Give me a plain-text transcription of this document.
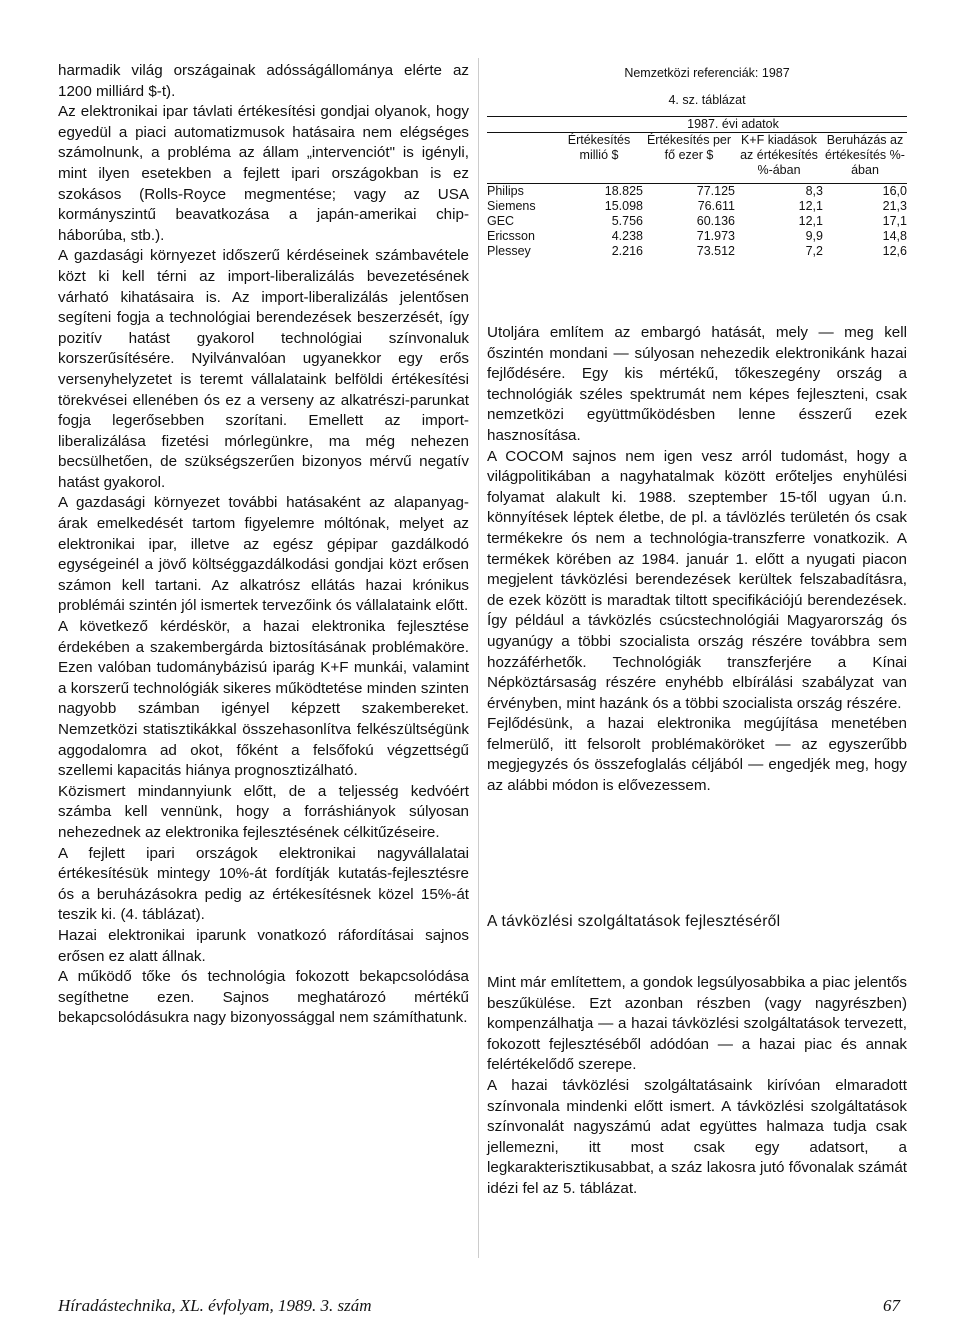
harmadik világ országainak adósságállománya elérte az 1200 milliárd $-t).

Az elektronikai ipar távlati értékesítési gondjai olyanok, hogy egyedül a piaci automatizmusok hatásaira nem elégséges számolnunk, a probléma az állam „intervenciót" is igényli, mint ilyen esetekben a fejlett ipari országokban is ez szokásos (Rolls-Royce megmentése; vagy az USA kormányszintű beavatkozása a japán-amerikai chip-háborúba, stb.).

A gazdasági környezet időszerű kérdéseinek számbavétele közt ki kell térni az import-liberalizálás bevezetésének várható kihatásaira is. Az import-liberalizálás jelentősen segíteni fogja a technológiai berendezések beszerzését, így pozitív hatást gyakorol technológiai színvonaluk korszerűsítésére. Nyilvánvalóan ugyanekkor egy erős versenyhelyzetet is teremt vállalataink belföldi értékesítési törekvései ellenében ós ez a verseny az alkatrészi-parunkat fogja legerősebben szorítani. Emellett az import-liberalizálása fizetési mórlegünkre, ma még nehezen becsülhetően, de szükségszerűen bizonyos mérvű negatív hatást gyakorol.

A gazdasági környezet további hatásaként az alapanyag-árak emelkedését tartom figyelemre móltónak, melyet az elektronikai ipar, illetve az egész gépipar gazdálkodó egységeinél a jövő költséggazdálkodási gondjai közt erősen számon kell tartani. Az alkatrósz ellátás hazai krónikus problémái szintén jól ismertek tervezőink ós vállalataink előtt.

A következő kérdéskör, a hazai elektronika fejlesztése érdekében a szakembergárda biztosításának problémaköre. Ezen valóban tudománybázisú iparág K+F munkái, valamint a korszerű technológiák sikeres működtetése minden szinten nagyobb számban igényel képzett szakembereket. Nemzetközi statisztikákkal összehasonlítva felkészültségünk aggodalomra ad okot, főként a felsőfokú végzettségű szellemi kapacitás hiánya prognosztizálható.

Közismert mindannyiunk előtt, de a teljesség kedvóért számba kell vennünk, hogy a forráshiányok súlyosan nehezednek az elektronika fejlesztésének célkitűzéseire.

A fejlett ipari országok elektronikai nagyvállalatai értékesítésük mintegy 10%-át fordítják kutatás-fejlesztésre ós a beruházásokra pedig az értékesítésnek közel 15%-át teszik ki. (4. táblázat).

Hazai elektronikai iparunk vonatkozó ráfordításai sajnos erősen ez alatt állnak.

A működő tőke ós technológia fokozott bekapcsolódása segíthetne ezen. Sajnos meghatározó mértékű bekapcsolódásukra nagy bizonyossággal nem számíthatunk.

Nemzetközi referenciák: 1987
4. sz. táblázat
		1987. évi adatok		

	Értékesítés millió $	Értékesítés per fő ezer $	K+F kiadások az értékesítés %-ában	Beruházás az értékesítés %-ában

Philips	18.825	77.125	8,3	16,0
Siemens	15.098	76.611	12,1	21,3
GEC	5.756	60.136	12,1	17,1
Ericsson	4.238	71.973	9,9	14,8
Plessey	2.216	73.512	7,2	12,6

Utoljára említem az embargó hatását, mely — meg kell őszintén mondani — súlyosan nehezedik elektronikánk hazai fejlődésére. Egy kis mértékű, tőkeszegény ország a technológiák széles spektrumát nem képes fejleszteni, csak nemzetközi együttműködésben lenne ésszerű ezek hasznosítása.

A COCOM sajnos nem igen vesz arról tudomást, hogy a világpolitikában a nagyhatalmak között erőteljes enyhülési folyamat alakult ki. 1988. szeptember 15-től ugyan ú.n. könnyítések léptek életbe, de pl. a távlözlés területén ós csak termékekre ós nem a technológia-transzferre vonatkozik. A termékek körében az 1984. január 1. előtt a nyugati piacon megjelent távközlési berendezések kerültek felszabadításra, de ezek között is maradtak tiltott specifikációjú berendezések. Így például a távközlés csúcstechnológiái Magyarország ós ugyanúgy a többi szocialista ország részére továbbra sem hozzáférhetők. Technológiák transzferjére a Kínai Népköztársaság részére enyhébb elbírálási szabályzat van érvényben, mint hazánk ós a többi szocialista ország részére.

Fejlődésünk, a hazai elektronika megújítása menetében felmerülő, itt felsorolt problémaköröket — az egyszerűbb megjegyzés ós összefoglalás céljából — engedjék meg, hogy az alábbi módon is elővezessem.

A távközlési szolgáltatások fejlesztéséről

Mint már említettem, a gondok legsúlyosabbika a piac jelentős beszűkülése. Ezt azonban részben (vagy nagyrészben) kompenzálhatja — a hazai távközlési szolgáltatások tervezett, fokozott fejlesztéséből adódóan — a hazai piac és annak felértékelődő szerepe.

A hazai távközlési szolgáltatásaink kirívóan elmaradott színvonala mindenki előtt ismert. A távközlési szolgáltatások színvonalát nagyszámú adat együttes halmaza tudja csak jellemezni, itt most csak egy adatsort, a legkarakterisztikusabbat, a száz lakosra jutó fővonalak számát idézi fel az 5. táblázat.

Híradástechnika, XL. évfolyam, 1989. 3. szám	67
